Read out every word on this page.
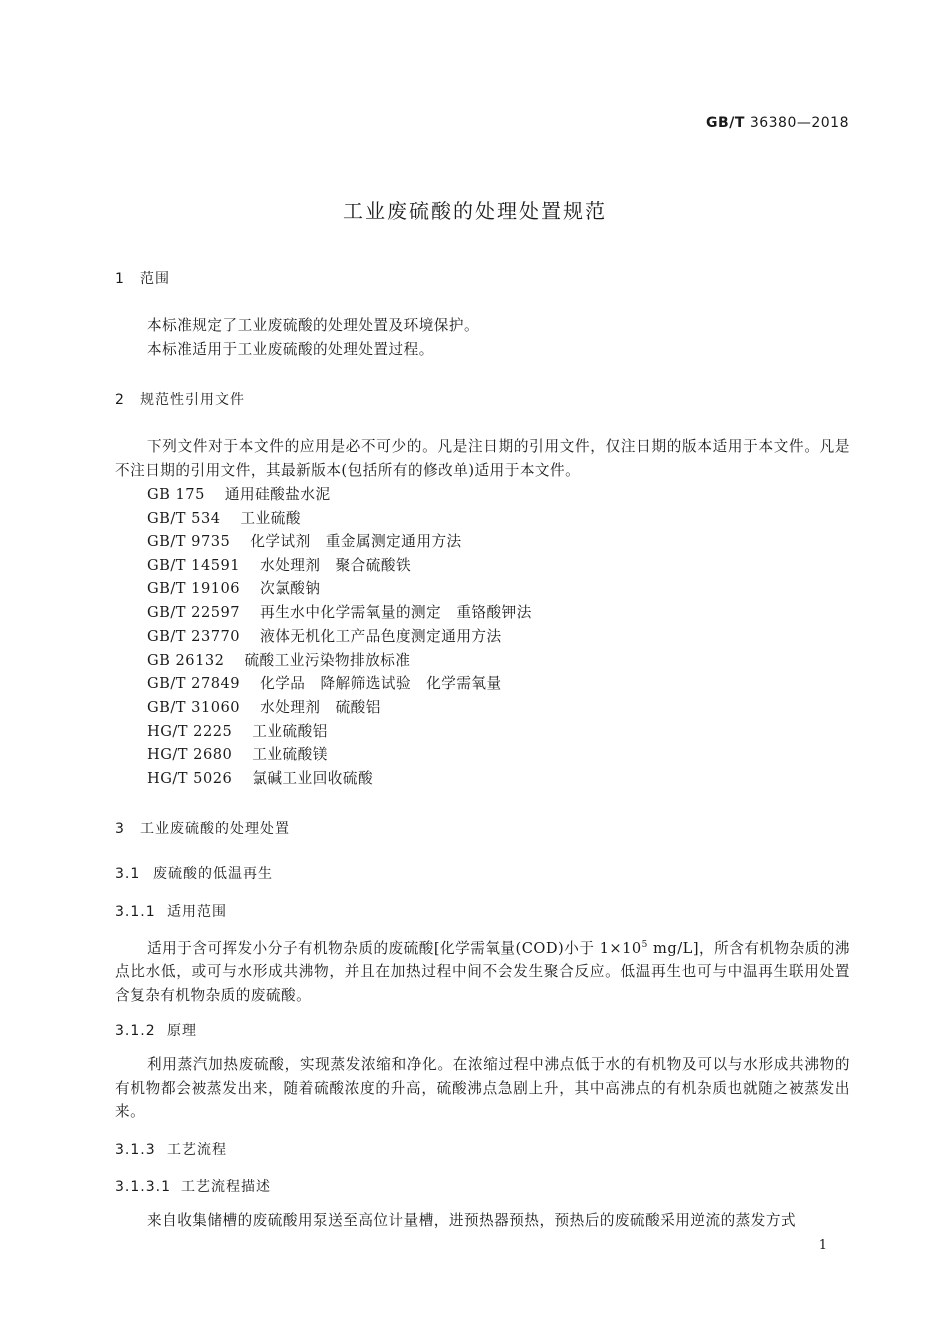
GB/T 36380—2018
工业废硫酸的处理处置规范
1 范围
本标准规定了工业废硫酸的处理处置及环境保护。
本标准适用于工业废硫酸的处理处置过程。
2 规范性引用文件
下列文件对于本文件的应用是必不可少的。凡是注日期的引用文件，仅注日期的版本适用于本文件。凡是不注日期的引用文件，其最新版本(包括所有的修改单)适用于本文件。
GB 175 通用硅酸盐水泥
GB/T 534 工业硫酸
GB/T 9735 化学试剂　重金属测定通用方法
GB/T 14591 水处理剂　聚合硫酸铁
GB/T 19106 次氯酸钠
GB/T 22597 再生水中化学需氧量的测定　重铬酸钾法
GB/T 23770 液体无机化工产品色度测定通用方法
GB 26132 硫酸工业污染物排放标准
GB/T 27849 化学品　降解筛选试验　化学需氧量
GB/T 31060 水处理剂　硫酸铝
HG/T 2225 工业硫酸铝
HG/T 2680 工业硫酸镁
HG/T 5026 氯碱工业回收硫酸
3 工业废硫酸的处理处置
3.1 废硫酸的低温再生
3.1.1 适用范围
适用于含可挥发小分子有机物杂质的废硫酸[化学需氧量(COD)小于 $1\times 10^5$ mg/L]，所含有机物杂质的沸点比水低，或可与水形成共沸物，并且在加热过程中间不会发生聚合反应。低温再生也可与中温再生联用处置含复杂有机物杂质的废硫酸。
3.1.2 原理
利用蒸汽加热废硫酸，实现蒸发浓缩和净化。在浓缩过程中沸点低于水的有机物及可以与水形成共沸物的有机物都会被蒸发出来，随着硫酸浓度的升高，硫酸沸点急剧上升，其中高沸点的有机杂质也就随之被蒸发出来。
3.1.3 工艺流程
3.1.3.1 工艺流程描述
来自收集储槽的废硫酸用泵送至高位计量槽，进预热器预热，预热后的废硫酸采用逆流的蒸发方式
1
